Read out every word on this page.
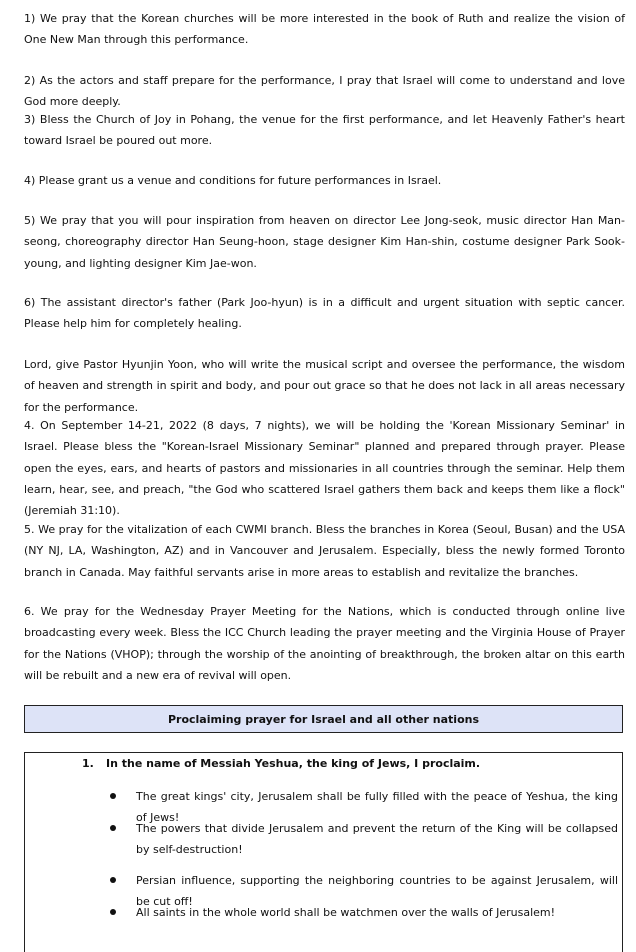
1) We pray that the Korean churches will be more interested in the book of Ruth and realize the vision of One New Man through this performance.

2) As the actors and staff prepare for the performance, I pray that Israel will come to understand and love God more deeply.

3) Bless the Church of Joy in Pohang, the venue for the first performance, and let Heavenly Father's heart toward Israel be poured out more.

4) Please grant us a venue and conditions for future performances in Israel.

5) We pray that you will pour inspiration from heaven on director Lee Jong-seok, music director Han Man-seong, choreography director Han Seung-hoon, stage designer Kim Han-shin, costume designer Park Sook-young, and lighting designer Kim Jae-won.

6) The assistant director's father (Park Joo-hyun) is in a difficult and urgent situation with septic cancer. Please help him for completely healing.

Lord, give Pastor Hyunjin Yoon, who will write the musical script and oversee the performance, the wisdom of heaven and strength in spirit and body, and pour out grace so that he does not lack in all areas necessary for the performance.

4. On September 14-21, 2022 (8 days, 7 nights), we will be holding the 'Korean Missionary Seminar' in Israel. Please bless the "Korean-Israel Missionary Seminar" planned and prepared through prayer. Please open the eyes, ears, and hearts of pastors and missionaries in all countries through the seminar. Help them learn, hear, see, and preach, "the God who scattered Israel gathers them back and keeps them like a flock" (Jeremiah 31:10).

5. We pray for the vitalization of each CWMI branch. Bless the branches in Korea (Seoul, Busan) and the USA (NY NJ, LA, Washington, AZ) and in Vancouver and Jerusalem. Especially, bless the newly formed Toronto branch in Canada. May faithful servants arise in more areas to establish and revitalize the branches.

6. We pray for the Wednesday Prayer Meeting for the Nations, which is conducted through online live broadcasting every week. Bless the ICC Church leading the prayer meeting and the Virginia House of Prayer for the Nations (VHOP); through the worship of the anointing of breakthrough, the broken altar on this earth will be rebuilt and a new era of revival will open.

Proclaiming prayer for Israel and all other nations
1. In the name of Messiah Yeshua, the king of Jews, I proclaim.

The great kings' city, Jerusalem shall be fully filled with the peace of Yeshua, the king of Jews!

The powers that divide Jerusalem and prevent the return of the King will be collapsed by self-destruction!

Persian influence, supporting the neighboring countries to be against Jerusalem, will be cut off!

All saints in the whole world shall be watchmen over the walls of Jerusalem!
